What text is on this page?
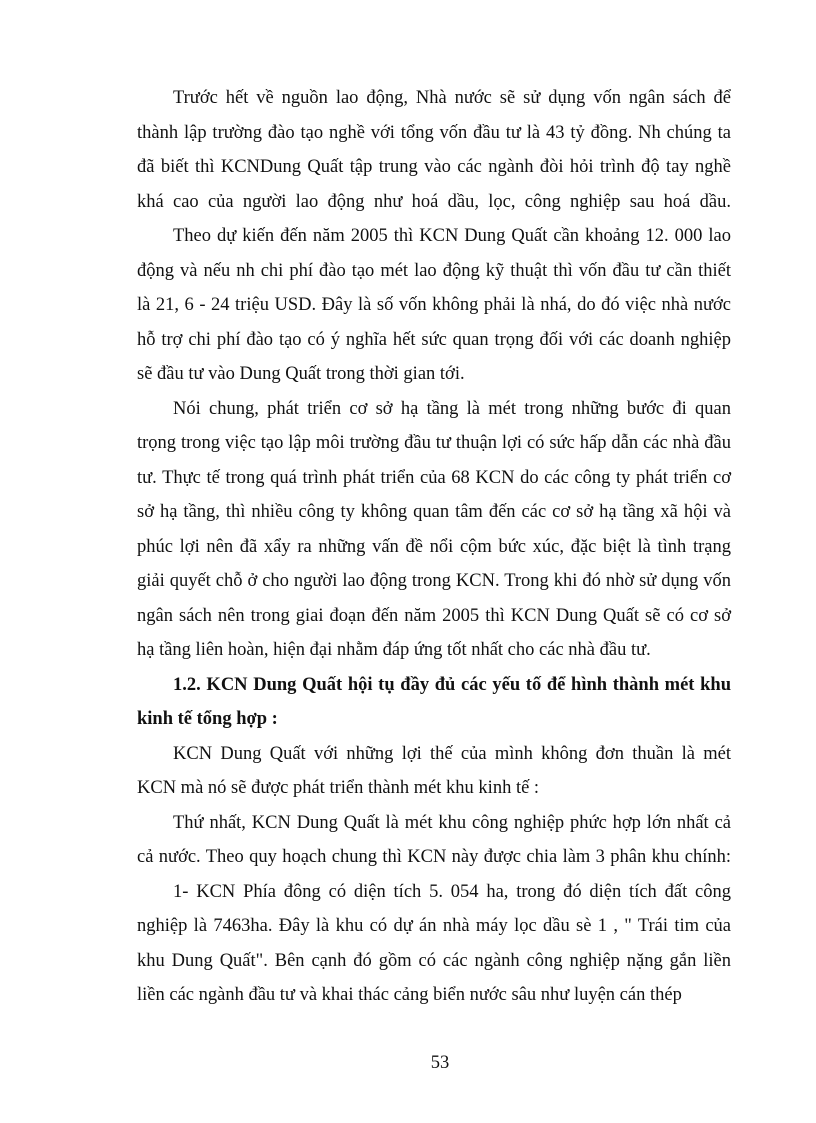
Trước hết về nguồn lao động, Nhà nước sẽ sử dụng vốn ngân sách để
thành lập trường đào tạo nghề với tổng vốn đầu tư là 43 tỷ đồng. Nh chúng ta
đã biết thì KCNDung Quất tập trung vào các ngành đòi hỏi trình độ tay nghề
khá cao của người lao động như hoá dầu, lọc, công nghiệp sau hoá dầu.
Theo dự kiến đến năm 2005 thì KCN Dung Quất cần khoảng 12. 000 lao
động và nếu nh chi phí đào tạo mét lao động kỹ thuật thì vốn đầu tư cần thiết
là 21, 6 - 24 triệu USD. Đây là số vốn không phải là nhá, do đó việc nhà nước
hỗ trợ chi phí đào tạo có ý nghĩa hết sức quan trọng đối với các doanh nghiệp
sẽ đầu tư vào Dung Quất trong thời gian tới.
Nói chung, phát triển cơ sở hạ tầng là mét trong những bước đi quan
trọng trong việc tạo lập môi trường đầu tư thuận lợi có sức hấp dẫn các nhà đầu
tư. Thực tế trong quá trình phát triển của 68 KCN do các công ty phát triển cơ
sở hạ tầng, thì nhiều công ty không quan tâm đến các cơ sở hạ tầng xã hội và
phúc lợi nên đã xẩy ra những vấn đề nổi cộm bức xúc, đặc biệt là tình trạng
giải quyết chỗ ở cho người lao động trong KCN. Trong khi đó nhờ sử dụng vốn
ngân sách nên trong giai đoạn đến năm 2005 thì KCN Dung Quất sẽ có cơ sở
hạ tầng liên hoàn, hiện đại nhằm đáp ứng tốt nhất cho các nhà đầu tư.
1.2. KCN Dung Quất hội tụ đầy đủ các yếu tố để hình thành mét khu
kinh tế tổng hợp :
KCN Dung Quất với những lợi thế của mình không đơn thuần là mét
KCN mà nó sẽ được phát triển thành mét khu kinh tế :
Thứ nhất, KCN Dung Quất là mét khu công nghiệp phức hợp lớn nhất cả
cả nước. Theo quy hoạch chung thì KCN này được chia làm 3 phân khu chính:
1- KCN Phía đông có diện tích 5. 054 ha, trong đó diện tích đất công
nghiệp là 7463ha. Đây là khu có dự án nhà máy lọc dầu sè 1 , " Trái tim của
khu Dung Quất". Bên cạnh đó gồm có các ngành công nghiệp nặng gắn liền
liền các ngành đầu tư và khai thác cảng biển nước sâu như luyện cán thép
53
